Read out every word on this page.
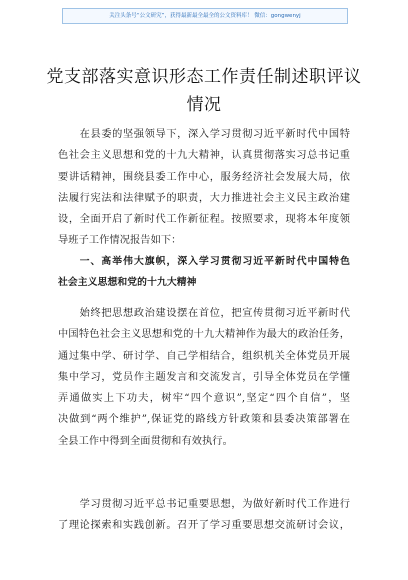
关注头条号“公文研究”，获得最新最全最全的公文资料库！ 微信：gongwenyj
党支部落实意识形态工作责任制述职评议
情况
　　在县委的坚强领导下，深入学习贯彻习近平新时代中国特
色社会主义思想和党的十九大精神，认真贯彻落实习总书记重
要讲话精神，围绕县委工作中心，服务经济社会发展大局，依
法履行宪法和法律赋予的职责，大力推进社会主义民主政治建
设，全面开启了新时代工作新征程。按照要求，现将本年度领
导班子工作情况报告如下：
　　一、高举伟大旗帜，深入学习贯彻习近平新时代中国特色
社会主义思想和党的十九大精神
　　始终把思想政治建设摆在首位，把宣传贯彻习近平新时代
中国特色社会主义思想和党的十九大精神作为最大的政治任务，
通过集中学、研讨学、自己学相结合，组织机关全体党员开展
集中学习，党员作主题发言和交流发言，引导全体党员在学懂
弄通做实上下功夫，树牢“四个意识”,坚定“四个自信”，坚
决做到“两个维护”,保证党的路线方针政策和县委决策部署在
全县工作中得到全面贯彻和有效执行。
　　学习贯彻习近平总书记重要思想，为做好新时代工作进行
了理论探索和实践创新。召开了学习重要思想交流研讨会议，
